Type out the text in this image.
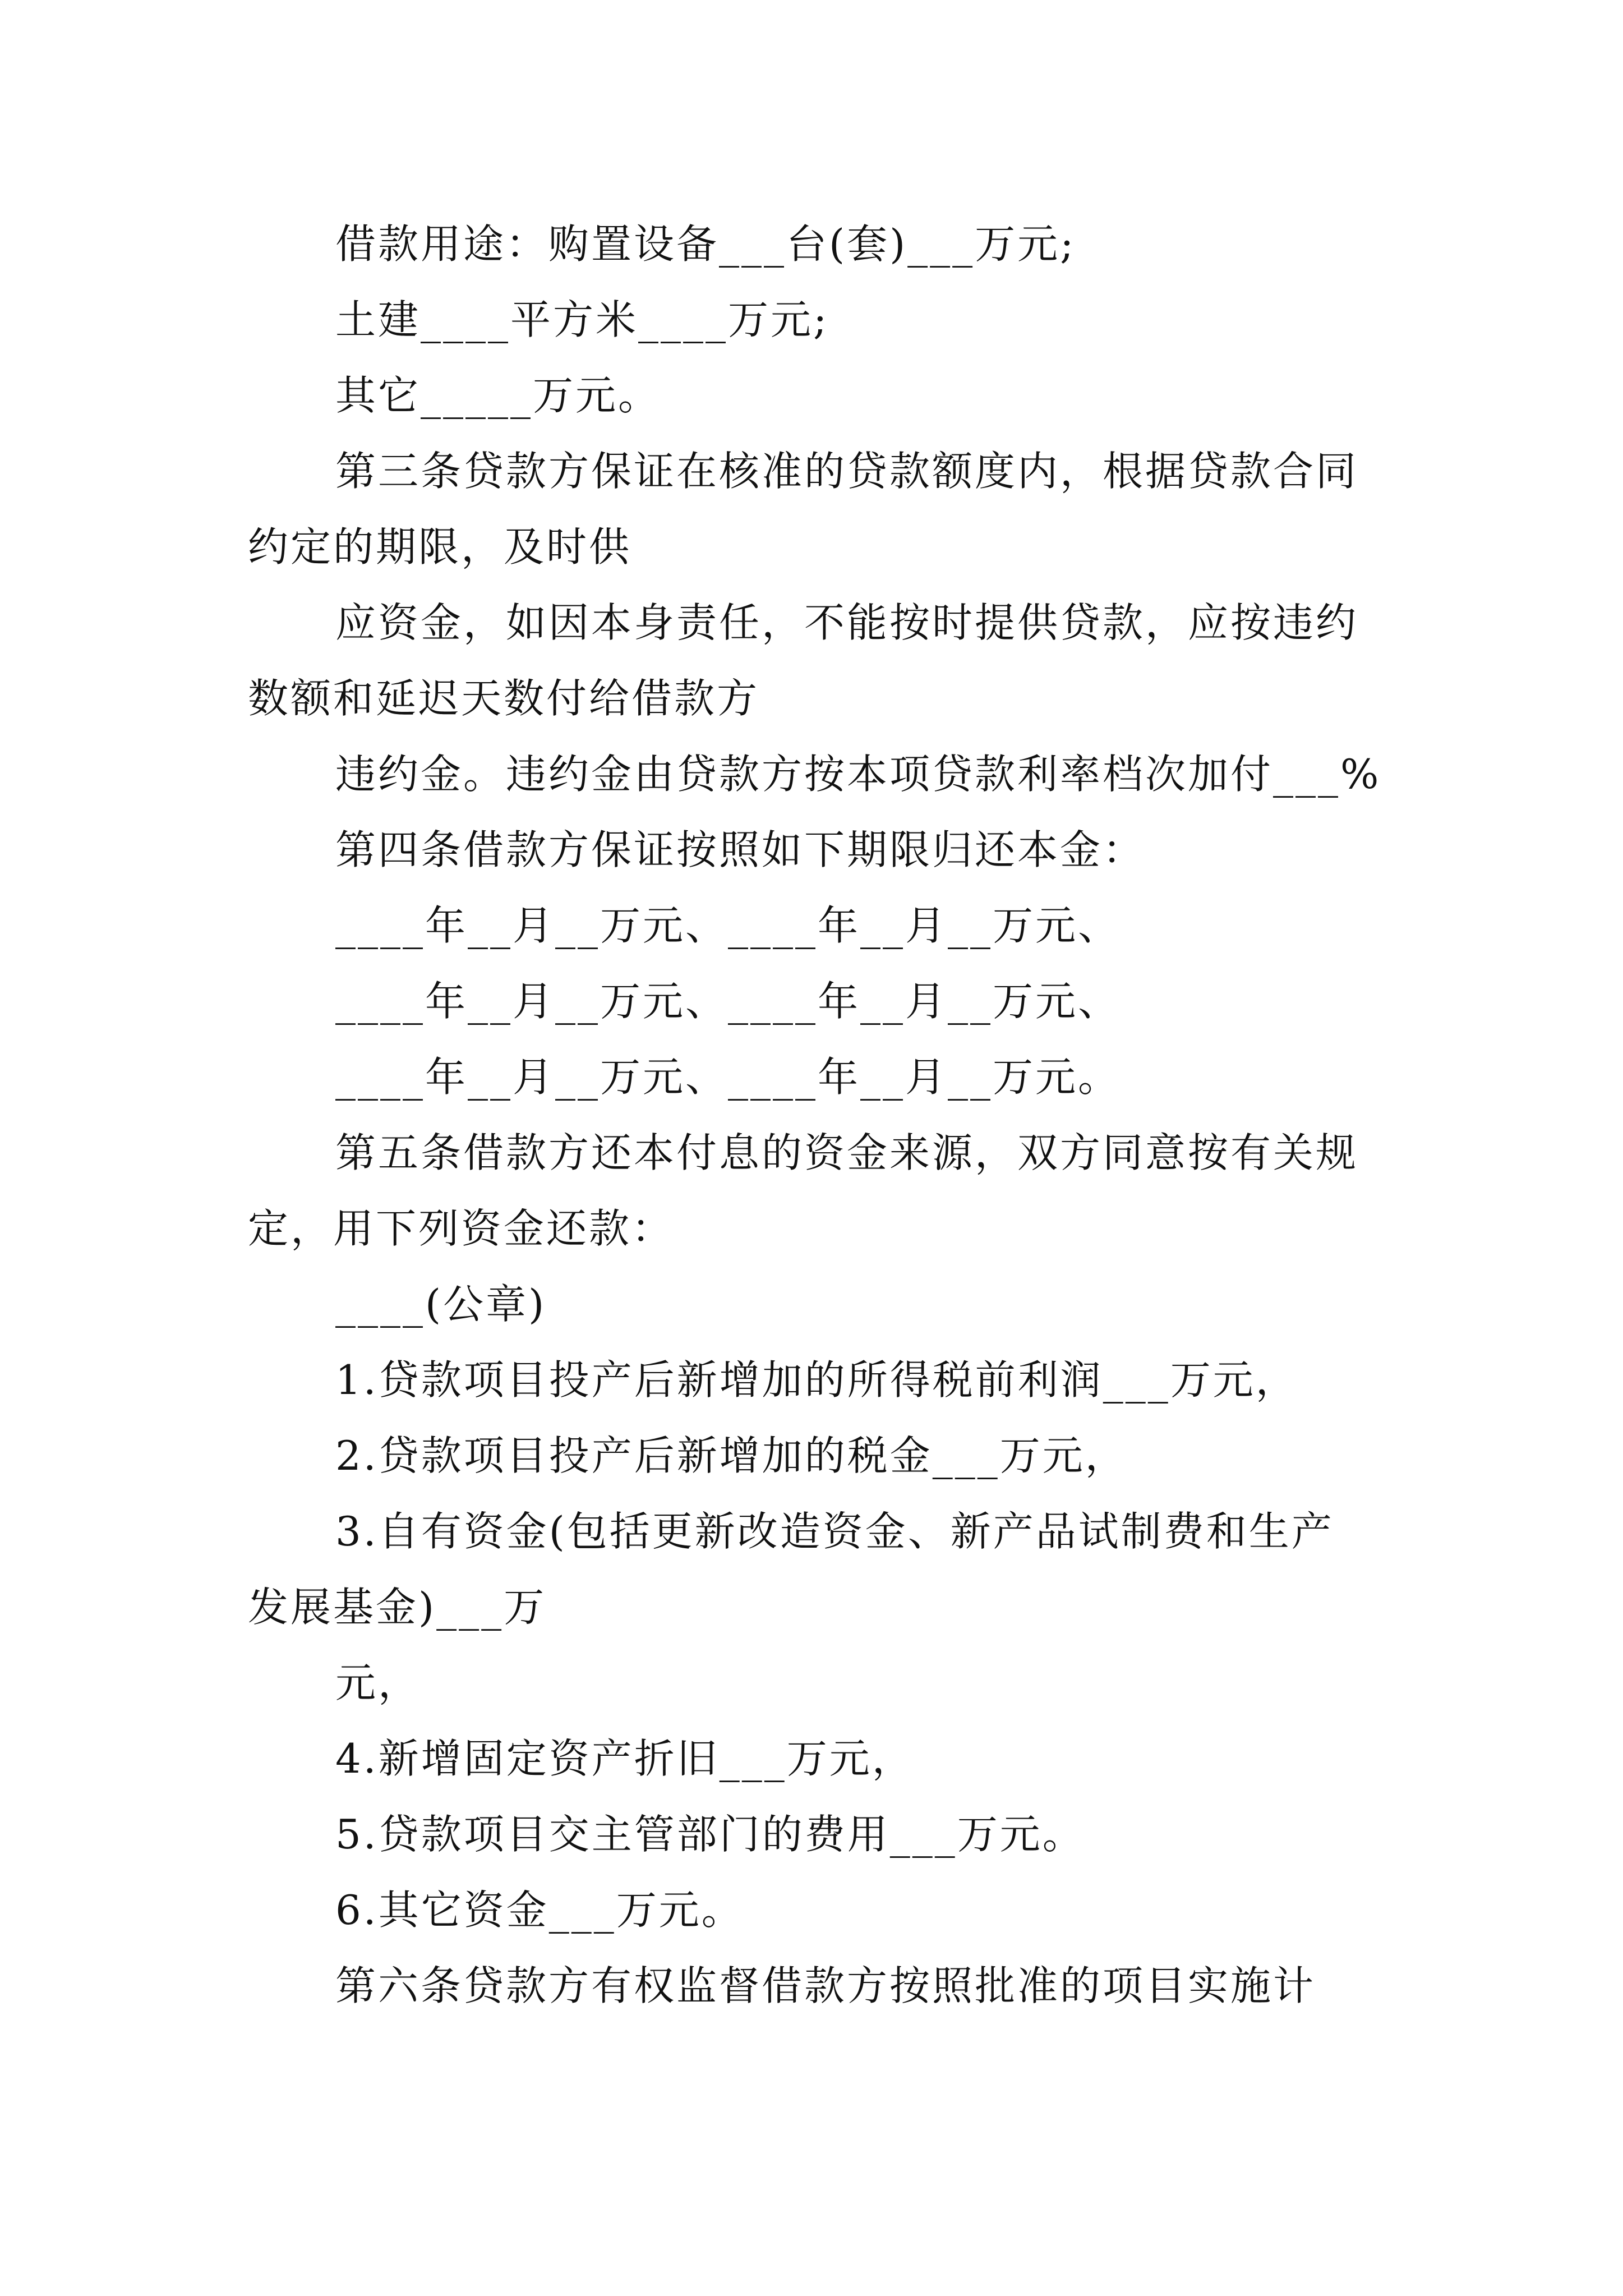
借款用途：购置设备___台(套)___万元;
土建____平方米____万元;
其它_____万元。
第三条贷款方保证在核准的贷款额度内，根据贷款合同
约定的期限，及时供
应资金，如因本身责任，不能按时提供贷款，应按违约
数额和延迟天数付给借款方
违约金。违约金由贷款方按本项贷款利率档次加付___%
第四条借款方保证按照如下期限归还本金：
____年__月__万元、____年__月__万元、
____年__月__万元、____年__月__万元、
____年__月__万元、____年__月__万元。
第五条借款方还本付息的资金来源，双方同意按有关规
定，用下列资金还款：
____(公章)
1.贷款项目投产后新增加的所得税前利润___万元，
2.贷款项目投产后新增加的税金___万元，
3.自有资金(包括更新改造资金、新产品试制费和生产
发展基金)___万
元，
4.新增固定资产折旧___万元，
5.贷款项目交主管部门的费用___万元。
6.其它资金___万元。
第六条贷款方有权监督借款方按照批准的项目实施计
